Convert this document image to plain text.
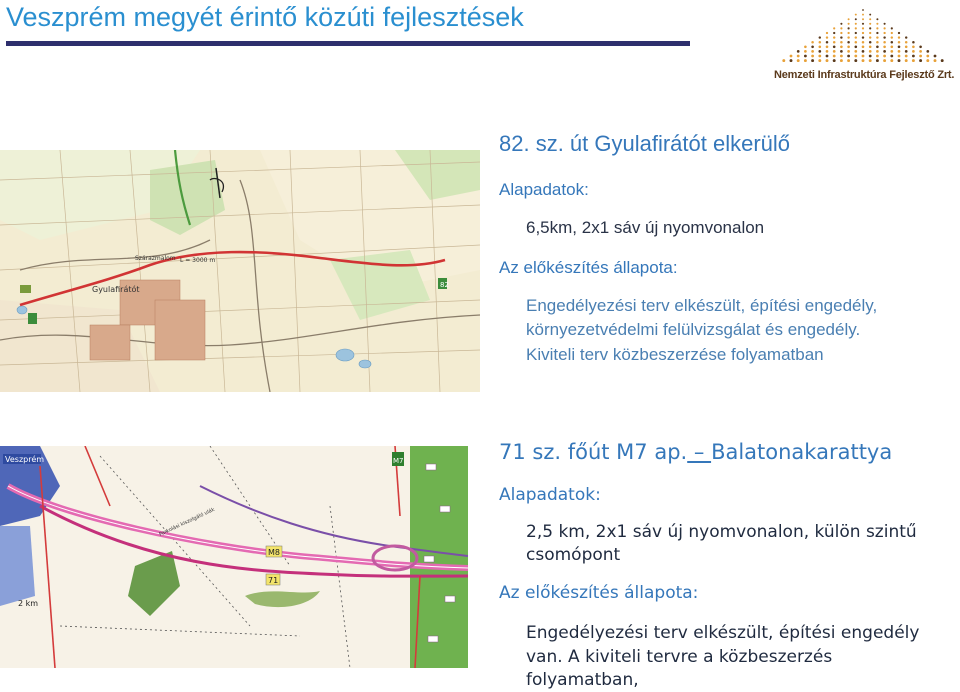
Veszprém megyét érintő közúti fejlesztések
Nemzeti Infrastruktúra Fejlesztő Zrt.
Gyulafirátót
Szárazmalom L = 3000 m
82
82. sz. út Gyulafirátót elkerülő
Alapadatok:
6,5km, 2x1 sáv új nyomvonalon
Az előkészítés állapota:
Engedélyezési terv elkészült, építési engedély,
környezetvédelmi felülvizsgálat és engedély.
Kiviteli terv közbeszerzése folyamatban
Veszprém	M7
M8
71
2 km
Parkolási kiszolgáló ulák
71 sz. főút M7 ap. – Balatonakarattya
Alapadatok:
2,5 km, 2x1 sáv új nyomvonalon, külön szintű
csomópont
Az előkészítés állapota:
Engedélyezési terv elkészült, építési engedély
van. A kiviteli tervre a közbeszerzés
folyamatban,
